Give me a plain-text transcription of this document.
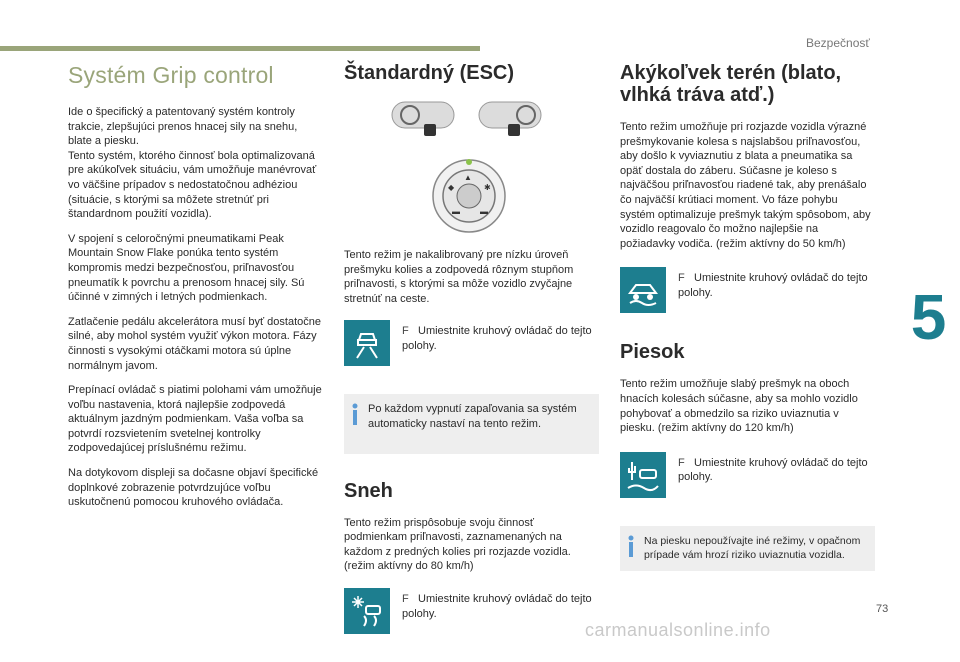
Bezpečnosť
5
73
carmanualsonline.info
Systém Grip control

Ide o špecifický a patentovaný systém kontroly trakcie, zlepšujúci prenos hnacej sily na snehu, blate a piesku.

Tento systém, ktorého činnosť bola optimalizovaná pre akúkoľvek situáciu, vám umožňuje manévrovať vo väčšine prípadov s nedostatočnou adhéziou (situácie, s ktorými sa môžete stretnúť pri štandardnom použití vozidla).

V spojení s celoročnými pneumatikami Peak Mountain Snow Flake ponúka tento systém kompromis medzi bezpečnosťou, priľnavosťou pneumatík k povrchu a prenosom hnacej sily. Sú účinné v zimných i letných podmienkach.

Zatlačenie pedálu akcelerátora musí byť dostatočne silné, aby mohol systém využiť výkon motora. Fázy činnosti s vysokými otáčkami motora sú úplne normálnym javom.

Prepínací ovládač s piatimi polohami vám umožňuje voľbu nastavenia, ktorá najlepšie zodpovedá aktuálnym jazdným podmienkam. Vaša voľba sa potvrdí rozsvietením svetelnej kontrolky zodpovedajúcej príslušnému režimu.

Na dotykovom displeji sa dočasne objaví špecifické doplnkové zobrazenie potvrdzujúce voľbu uskutočnenú pomocou kruhového ovládača.

Štandardný (ESC)
▲
◆	✱
▬	▬

Tento režim je nakalibrovaný pre nízku úroveň prešmyku kolies a zodpovedá rôznym stupňom priľnavosti, s ktorými sa môže vozidlo zvyčajne stretnúť na ceste.

F Umiestnite kruhový ovládač do tejto polohy.
Po každom vypnutí zapaľovania sa systém automaticky nastaví na tento režim.
Sneh

Tento režim prispôsobuje svoju činnosť podmienkam priľnavosti, zaznamenaných na každom z predných kolies pri rozjazde vozidla. (režim aktívny do 80 km/h)

F Umiestnite kruhový ovládač do tejto polohy.
Akýkoľvek terén (blato, vlhká tráva atď.)

Tento režim umožňuje pri rozjazde vozidla výrazné prešmykovanie kolesa s najslabšou priľnavosťou, aby došlo k vyviaznutiu z blata a pneumatika sa opäť dostala do záberu. Súčasne je koleso s najväčšou priľnavosťou riadené tak, aby prenášalo čo najväčší krútiaci moment. Vo fáze pohybu systém optimalizuje prešmyk takým spôsobom, aby vozidlo reagovalo čo možno najlepšie na požiadavky vodiča. (režim aktívny do 50 km/h)

F Umiestnite kruhový ovládač do tejto polohy.
Piesok

Tento režim umožňuje slabý prešmyk na oboch hnacích kolesách súčasne, aby sa mohlo vozidlo pohybovať a obmedzilo sa riziko uviaznutia v piesku. (režim aktívny do 120 km/h)

F Umiestnite kruhový ovládač do tejto polohy.
Na piesku nepoužívajte iné režimy, v opačnom prípade vám hrozí riziko uviaznutia vozidla.
